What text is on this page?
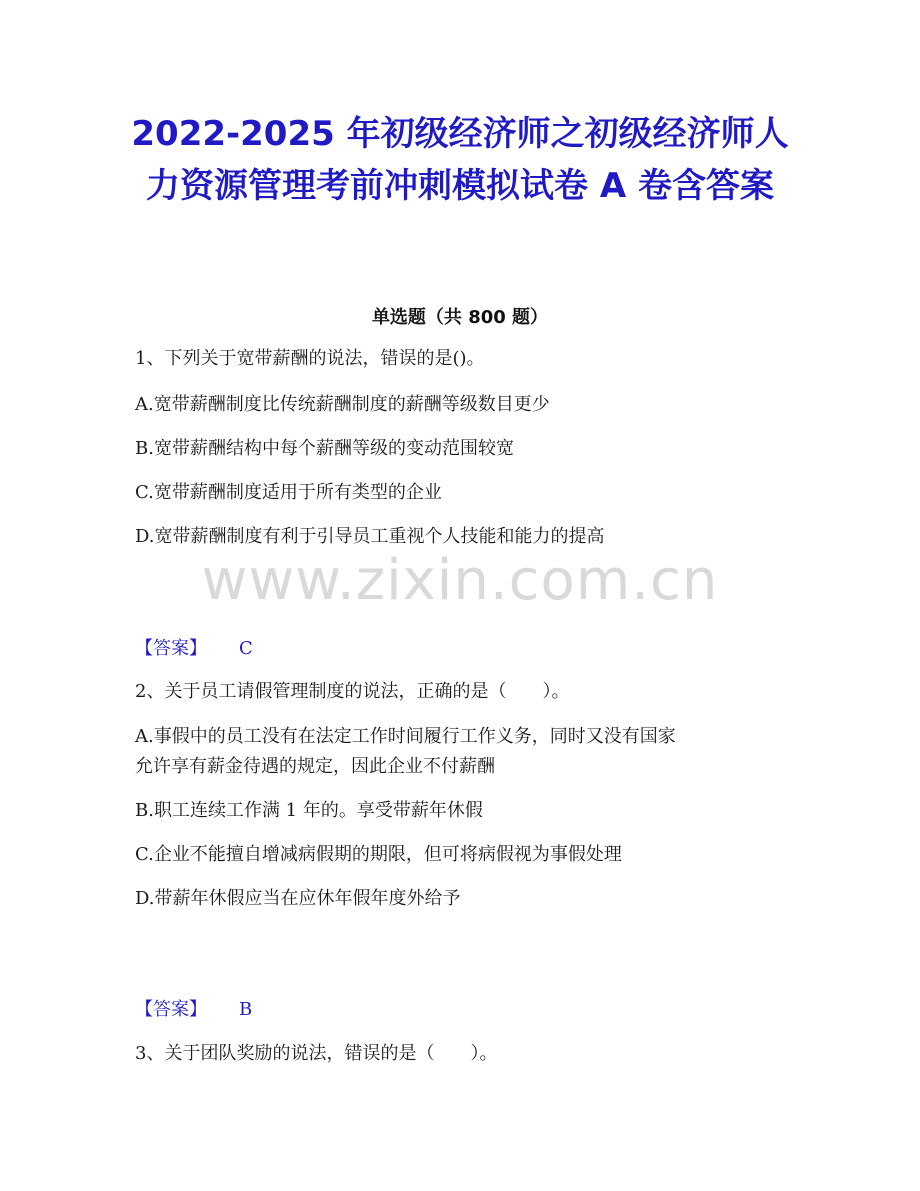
2022-2025 年初级经济师之初级经济师人力资源管理考前冲刺模拟试卷 A 卷含答案
单选题（共 800 题）
1、下列关于宽带薪酬的说法，错误的是()。
A.宽带薪酬制度比传统薪酬制度的薪酬等级数目更少
B.宽带薪酬结构中每个薪酬等级的变动范围较宽
C.宽带薪酬制度适用于所有类型的企业
D.宽带薪酬制度有利于引导员工重视个人技能和能力的提高
www.zixin.com.cn
【答案】 C
2、关于员工请假管理制度的说法，正确的是（　　）。
A.事假中的员工没有在法定工作时间履行工作义务，同时又没有国家
允许享有薪金待遇的规定，因此企业不付薪酬
B.职工连续工作满 1 年的。享受带薪年休假
C.企业不能擅自增减病假期的期限，但可将病假视为事假处理
D.带薪年休假应当在应休年假年度外给予
【答案】 B
3、关于团队奖励的说法，错误的是（　　）。
